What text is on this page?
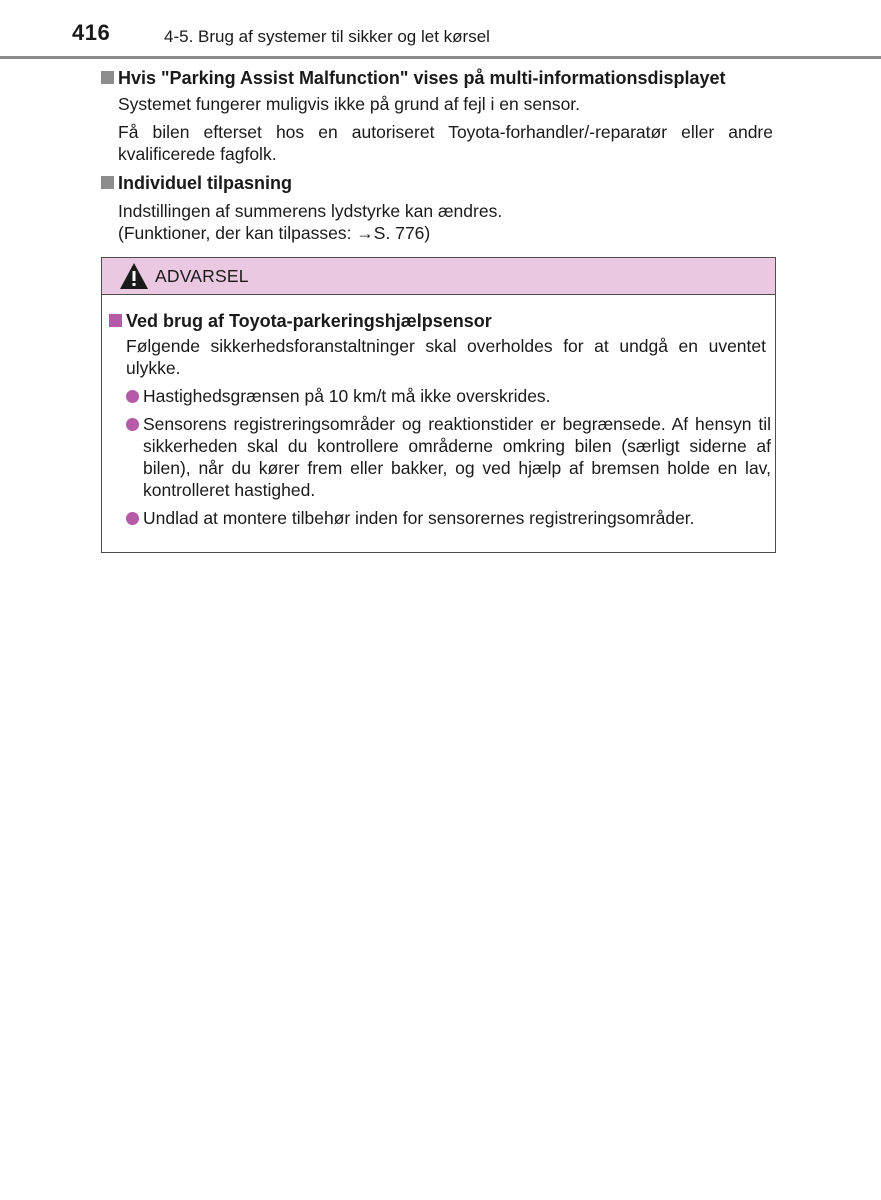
416	4-5. Brug af systemer til sikker og let kørsel
Hvis "Parking Assist Malfunction" vises på multi-informationsdisplayet
Systemet fungerer muligvis ikke på grund af fejl i en sensor.
Få bilen efterset hos en autoriseret Toyota-forhandler/-reparatør eller andre kvalificerede fagfolk.
Individuel tilpasning
Indstillingen af summerens lydstyrke kan ændres.
(Funktioner, der kan tilpasses: →S. 776)
ADVARSEL
Ved brug af Toyota-parkeringshjælpsensor
Følgende sikkerhedsforanstaltninger skal overholdes for at undgå en uventet ulykke.
Hastighedsgrænsen på 10 km/t må ikke overskrides.
Sensorens registreringsområder og reaktionstider er begrænsede. Af hensyn til sikkerheden skal du kontrollere områderne omkring bilen (særligt siderne af bilen), når du kører frem eller bakker, og ved hjælp af bremsen holde en lav, kontrolleret hastighed.
Undlad at montere tilbehør inden for sensorernes registreringsområder.
